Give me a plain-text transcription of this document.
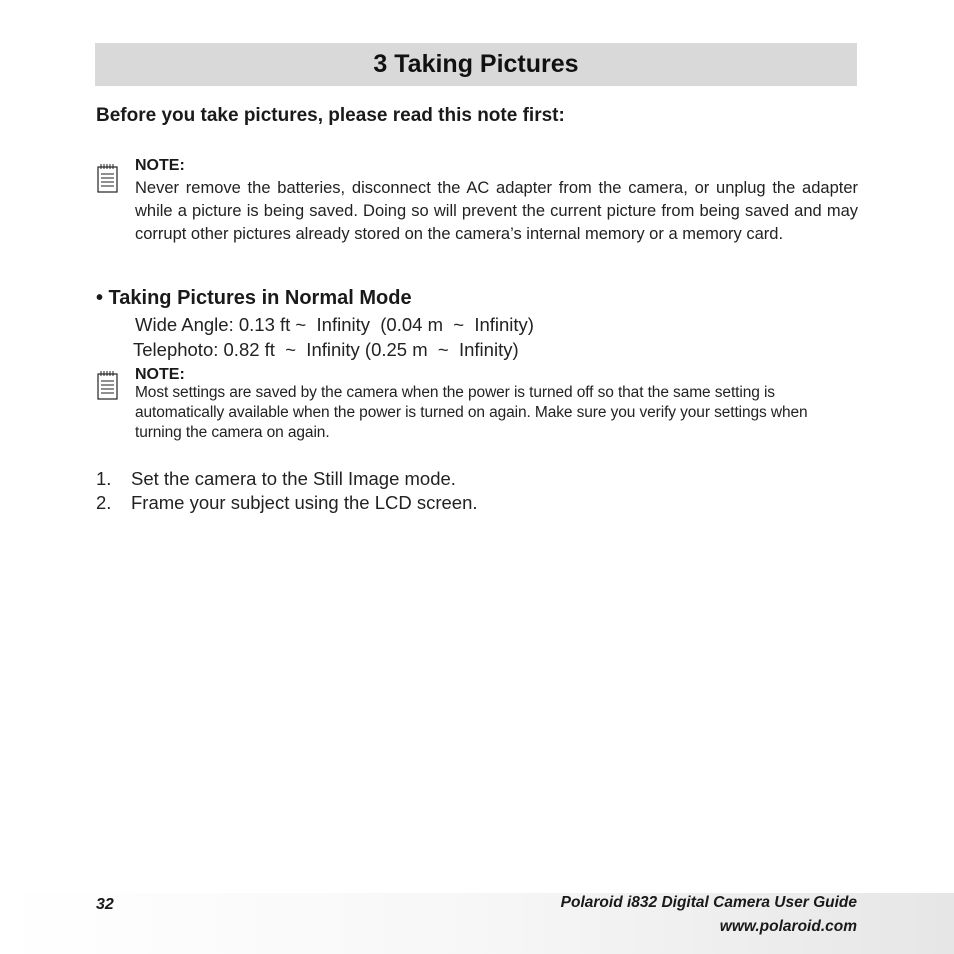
3 Taking Pictures

Before you take pictures, please read this note first:

NOTE:

Never remove the batteries, disconnect the AC adapter from the camera, or unplug the adapter while a picture is being saved. Doing so will prevent the current picture from being saved and may corrupt other pictures already stored on the camera’s internal memory or a memory card.

• Taking Pictures in Normal Mode

Wide Angle: 0.13 ft ~  Infinity  (0.04 m  ~  Infinity)
Telephoto: 0.82 ft  ~  Infinity (0.25 m  ~  Infinity)
NOTE:

Most settings are saved by the camera when the power is turned off so that the same setting is automatically available when the power is turned on again. Make sure you verify your settings when turning the camera on again.

1.	Set the camera to the Still Image mode.
2.	Frame your subject using the LCD screen.
32	Polaroid i832 Digital Camera User Guide
www.polaroid.com
